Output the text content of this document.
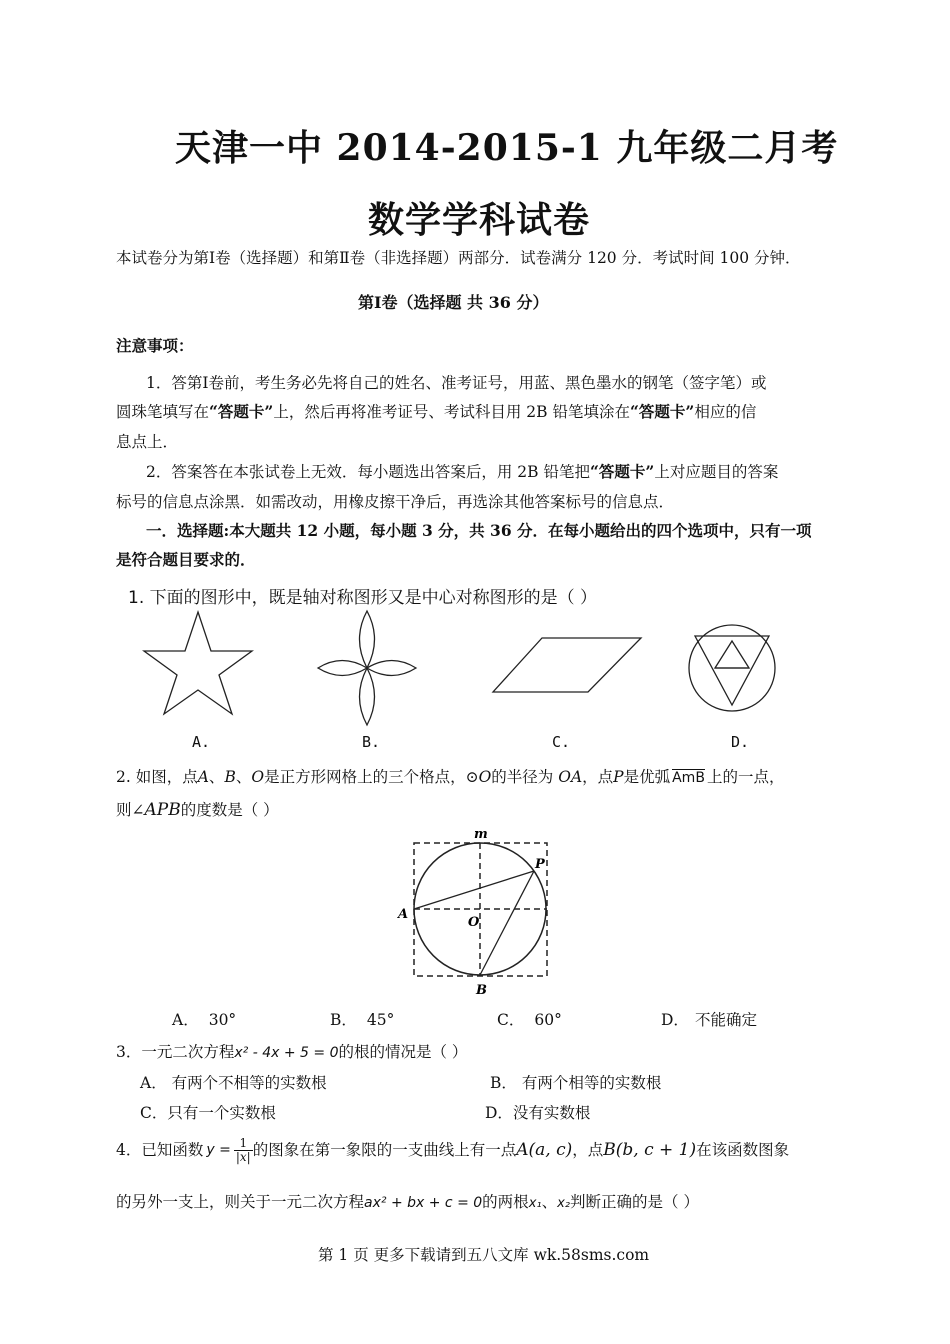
天津一中 2014-2015-1 九年级二月考
数学学科试卷
本试卷分为第Ⅰ卷（选择题）和第Ⅱ卷（非选择题）两部分．试卷满分 120 分．考试时间 100 分钟．
第Ⅰ卷（选择题 共 36 分）
注意事项：
1．答第Ⅰ卷前，考生务必先将自己的姓名、准考证号，用蓝、黑色墨水的钢笔（签字笔）或
圆珠笔填写在“答题卡”上，然后再将准考证号、考试科目用 2B 铅笔填涂在“答题卡”相应的信
息点上．
2．答案答在本张试卷上无效．每小题选出答案后，用 2B 铅笔把“答题卡”上对应题目的答案
标号的信息点涂黑．如需改动，用橡皮擦干净后，再选涂其他答案标号的信息点．
一．选择题:本大题共 12 小题，每小题 3 分，共 36 分．在每小题给出的四个选项中，只有一项
是符合题目要求的．
1. 下面的图形中，既是轴对称图形又是中心对称图形的是（ ）
A.	B.	C.	D.
2. 如图，点A、B、O是正方形网格上的三个格点，⊙O的半径为 OA，点P是优弧 AmB 上的一点，
则∠APB的度数是（ ）
m
P
A
O
B
A． 30°	B． 45°	C． 60°	D． 不能确定
3．一元二次方程x² - 4x + 5 = 0的根的情况是（ ）
A． 有两个不相等的实数根	B． 有两个相等的实数根
C．只有一个实数根	D．没有实数根
4．已知函数 $y = \frac{1}{|x|}$ 的图象在第一象限的一支曲线上有一点 A(a, c) ，点 B(b, c + 1) 在该函数图象
的另外一支上，则关于一元二次方程ax² + bx + c = 0的两根x₁、x₂判断正确的是（ ）
第 1 页 更多下载请到五八文库 wk.58sms.com
